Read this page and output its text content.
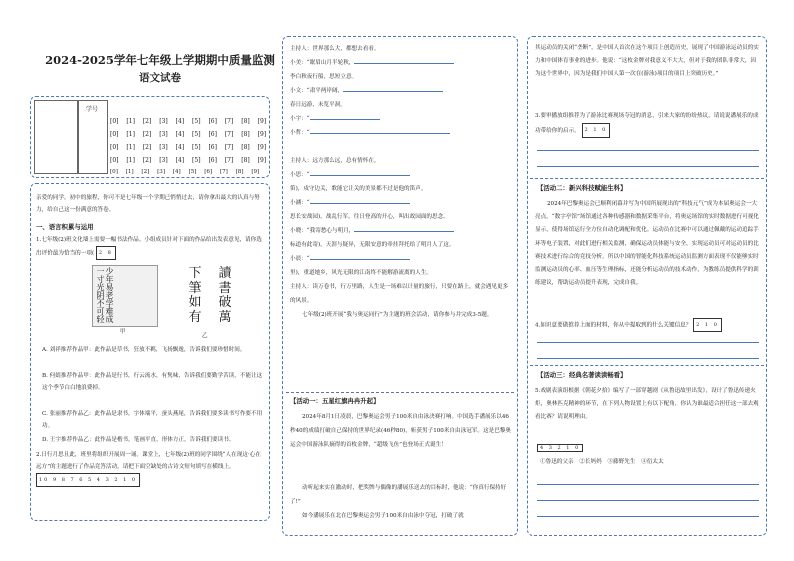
2024-2025学年七年级上学期期中质量监测
语文试卷
学号
[0] [1] [2] [3] [4] [5] [6] [7] [8] [9]
[0] [1] [2] [3] [4] [5] [6] [7] [8] [9]
[0] [1] [2] [3] [4] [5] [6] [7] [8] [9]
[0] [1] [2] [3] [4] [5] [6] [7] [8] [9]
[0] [1] [2] [3] [4] [5] [6] [7] [8] [9]
亲爱的同学，初中的旅程，你可不是七年级一个学期已悄悄过去，请你拿出最大的认真与努力，给自己这一份满意的答卷。
一、语言积累与运用
1.七年级(2)班文化墙上需要一幅书法作品。小组成员针对下面的作品给出发表意见，请你选出评价最为恰当的一项( 2 8
少年易老学难成 一寸光阴不可轻	讀
書
破
萬
下
筆
如
有
甲
乙
A. 刘祥推荐作品甲：此作品是草书，狂放不羁，飞扬飘逸，告诉我们要珍惜时间。
B. 何婧推荐作品甲：此作品是行书，行云流水，有隽味，告诉我们要勤学苦读，不能让这这个季节白白地浪费掉。
C. 张丽推荐作品乙：此作品是隶书，字体端平，蚕头燕尾，告诉我们要多读书写作要不用功。
D. 王宇推荐作品乙：此作品是楷书，笔画平直，形体方正，告诉我们要读书。
2.日行月思且此，班里将组织开展周一诵。课堂上，七年级(2)班的同学围绕“人在现这·心在远方”的主题进行了作品竞答活动。请把下面空缺处的古诗文短句填写在横线上。 10 9 8 7 6 5 4 3 2 1 0
主持人：世界那么大，都想去看看。
小美：“眠眉山月半轮秋，
李白秋夜行船，思短立意。
小文：“肃平两岸阔，
春日远游，未览平洞。
小宇：“
小哲：“
主持人：远方那么远，总有情怀在。
小思：“
笛)，戍守边关，歌能它让关的美景都不过是他的笛声。
小涵：“
思长安战园)，战乱行军，往日登高的开心，叫出故园面的思念。
小晓：“我寄愁心与明月，
标道有此寄)，天涯与疑异，无限安意的牵挂拜托给了明月人了这。
小晨：“
里)，重道她乡，风光无限的江南终不能解游流离的人生。
主持人：读万卷书，行万里路，人生是一场难以计量的旅行，只要在路上，就会遇见更多的风景。
七年级(2)班开展“我与奥运同行”为主题的班会活动，请你参与并完成3-5题。
【活动一：五星红旗冉冉升起】
2024年8月1日凌晨，巴黎奥运会男子100米自由泳决赛打响。中国选手潘展乐以46秒40的成绩打破自己保持的世界纪录(46秒80)，斩获男子100米自由泳冠军。这是巴黎奥运会中国游泳队摘得的首枚金牌，“超级飞鱼”也登场正式诞生！
动听起来实在激动时，把奖牌与偶像的潘展乐送去的目标时，他说：“你真行保持好了!”
如今潘展乐在北在巴黎奥运会男子100米自由泳中夺冠，打破了就
其运动员的关闭“垄断”，是中国人首次在这个项目上创造历史，展现了中国游泳运动员的实力和中国体育事业的进步。他说：“这枚金牌对我意义不大大，但对于我的团队非常大，因为这个世界中，因为是我们中国人第一次在(游泳)项目的项目上突破历史。”
3.要审播放组推荐为了游泳比赛现场夺冠的消息，引来大家的纷纷热议，请说说潘展乐的成功带给你的启示。 2 1 0
【活动二：新兴科技赋能生科】
2024年巴黎奥运会已顺利闭幕并写为中国所展现出的“科技元气”成为本届奥运会一大亮点。“数字亭馆”场馆通过各种传感器和数据采集平台，将奥运场馆的实时数据进行可视化显示，使得场馆运行全方位自动化调配和优化。运动员在比赛中可以通过佩戴的运动追踪手环等电子装置，对此们进行相关监测，确保运动员体能与安全，实现运动员可对运动员的比赛技术进行综合的竞技分析。所以中国的智能化科技系统运动员监测方面表现不仅能够实时监测运动员的心率、血压等生理指标，还能分析运动员的技术动作，为教练员提供科学的训练建议，帮助运动员提升表现，完成自我。
4.如识意要做推荐上面的材料，你从中提取到的什么关键信息？ 2 1 0
【活动三：经典名著读读畅看】
5.戏剧表演组根据《朝花夕拾》编写了一部穿越剧《从鲁迅故里出发》，设计了鲁迅传递火炬，奥林匹克精神的环节，在下列人物设置上有以下配角，你认为谁最适合担任这一部去观看比赛？请说明理由。
4 3 2 1 0
①鲁迅的父亲 ②长妈妈 ③藤野先生 ④衍太太
